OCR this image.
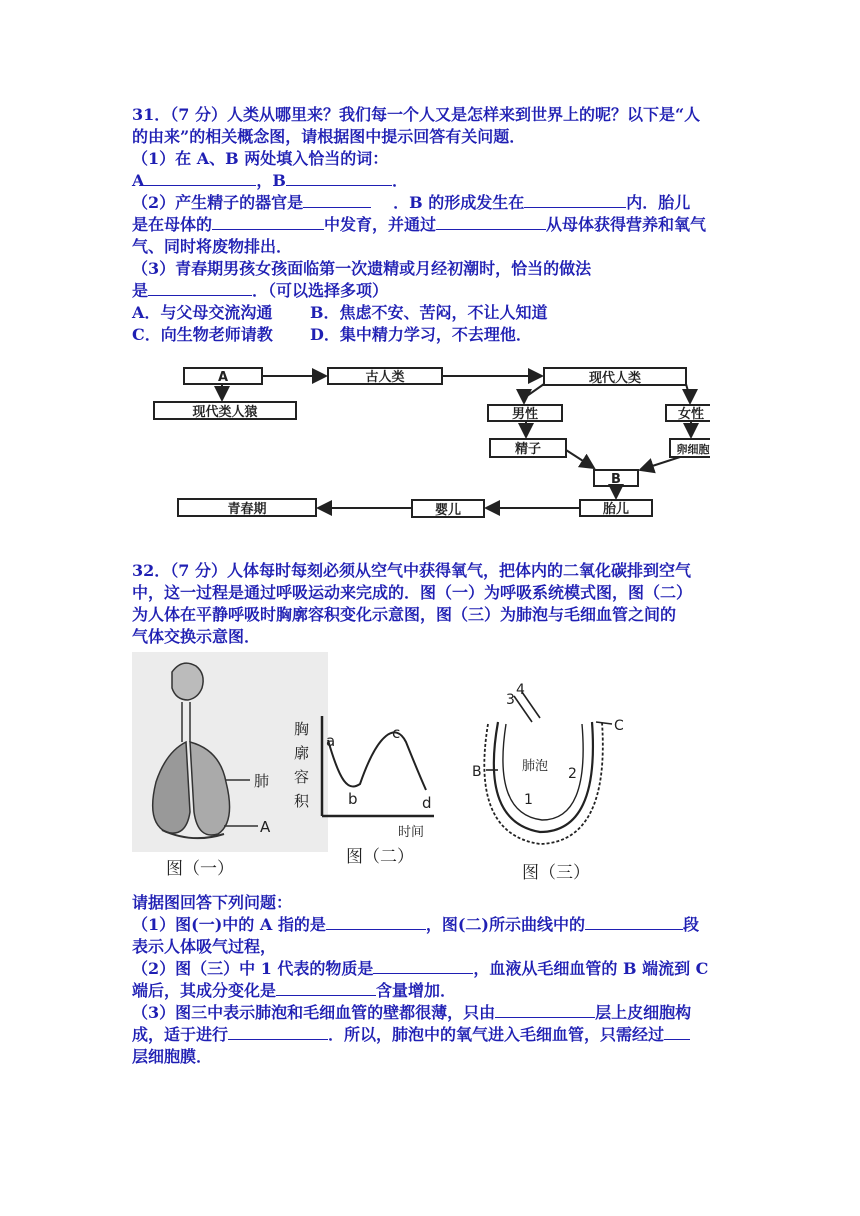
31．（7 分）人类从哪里来？我们每一个人又是怎样来到世界上的呢？以下是“人
的由来”的相关概念图，请根据图中提示回答有关问题．
（1）在 A、B 两处填入恰当的词：
A	，B	．
（2）产生精子的器官是	．B 的形成发生在	内．胎儿
是在母体的	中发育，并通过	从母体获得营养和氧气
气、同时将废物排出．
（3）青春期男孩女孩面临第一次遗精或月经初潮时，恰当的做法
是	．（可以选择多项）
A．与父母交流沟通 B．焦虑不安、苦闷，不让人知道
C．向生物老师请教 D．集中精力学习，不去理他．
A
现代类人猿
古人类	现代人类
男性	女性
精子	卵细胞
B
胎儿
婴儿
青春期
32．（7 分）人体每时每刻必须从空气中获得氧气，把体内的二氧化碳排到空气
中，这一过程是通过呼吸运动来完成的．图（一）为呼吸系统模式图，图（二）
为人体在平静呼吸时胸廓容积变化示意图，图（三）为肺泡与毛细血管之间的
气体交换示意图．
肺
A
图（一）
胸
廓
容
积
a
b
c
d
时间
图（二）
肺泡
1
2
3
4
B
C
图（三）
请据图回答下列问题：
（1）图(一)中的 A 指的是	，图(二)所示曲线中的	段
表示人体吸气过程，
（2）图（三）中 1 代表的物质是	，血液从毛细血管的 B 端流到 C
端后，其成分变化是	含量增加．
（3）图三中表示肺泡和毛细血管的壁都很薄，只由	层上皮细胞构
成，适于进行	．所以，肺泡中的氧气进入毛细血管，只需经过
层细胞膜．
